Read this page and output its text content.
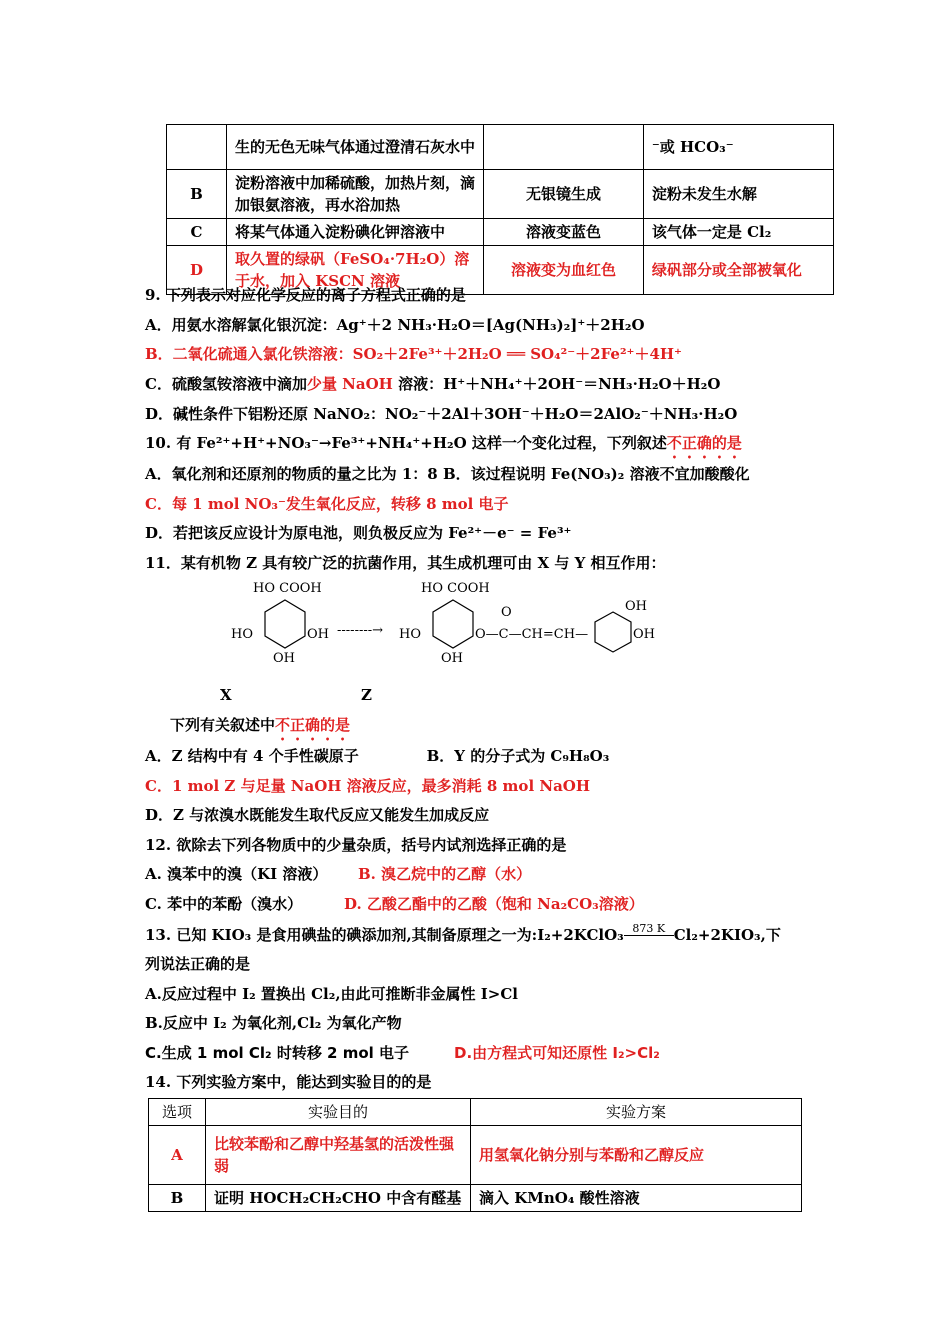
	生的无色无味气体通过澄清石灰水中		⁻或 HCO₃⁻
B	淀粉溶液中加稀硫酸，加热片刻，滴加银氨溶液，再水浴加热	无银镜生成	淀粉未发生水解
C	将某气体通入淀粉碘化钾溶液中	溶液变蓝色	该气体一定是 Cl₂
D	取久置的绿矾（FeSO₄·7H₂O）溶于水，加入 KSCN 溶液	溶液变为血红色	绿矾部分或全部被氧化
9. 下列表示对应化学反应的离子方程式正确的是
A．用氨水溶解氯化银沉淀：Ag⁺＋2 NH₃·H₂O＝[Ag(NH₃)₂]⁺＋2H₂O
B．二氧化硫通入氯化铁溶液：SO₂＋2Fe³⁺＋2H₂O ══ SO₄²⁻＋2Fe²⁺＋4H⁺
C．硫酸氢铵溶液中滴加少量 NaOH 溶液：H⁺＋NH₄⁺＋2OH⁻＝NH₃·H₂O＋H₂O
D．碱性条件下铝粉还原 NaNO₂：NO₂⁻＋2Al＋3OH⁻＋H₂O＝2AlO₂⁻＋NH₃·H₂O
10. 有 Fe²⁺+H⁺+NO₃⁻→Fe³⁺+NH₄⁺+H₂O 这样一个变化过程，下列叙述不正确的是
A．氧化剂和还原剂的物质的量之比为 1：8 B．该过程说明 Fe(NO₃)₂ 溶液不宜加酸酸化
C．每 1 mol NO₃⁻发生氧化反应，转移 8 mol 电子
D．若把该反应设计为原电池，则负极反应为 Fe²⁺－e⁻ = Fe³⁺
11．某有机物 Z 具有较广泛的抗菌作用，其生成机理可由 X 与 Y 相互作用：
HO COOH
HO	OH
OH
--------→
HO COOH
HO
OH
O
O—C—CH=CH—
OH
OH
X	Z
下列有关叙述中不正确的是
A．Z 结构中有 4 个手性碳原子             B．Y 的分子式为 C₉H₈O₃
C．1 mol Z 与足量 NaOH 溶液反应，最多消耗 8 mol NaOH
D．Z 与浓溴水既能发生取代反应又能发生加成反应
12. 欲除去下列各物质中的少量杂质，括号内试剂选择正确的是
A. 溴苯中的溴（KI 溶液） B. 溴乙烷中的乙醇（水）
C. 苯中的苯酚（溴水）	D. 乙酸乙酯中的乙酸（饱和 Na₂CO₃溶液）
13. 已知 KIO₃ 是食用碘盐的碘添加剂,其制备原理之一为:I₂+2KClO₃ 873 K Cl₂+2KIO₃,下
列说法正确的是
A.反应过程中 I₂ 置换出 Cl₂,由此可推断非金属性 I>Cl
B.反应中 I₂ 为氧化剂,Cl₂ 为氧化产物
C.生成 1 mol Cl₂ 时转移 2 mol 电子	D.由方程式可知还原性 I₂>Cl₂
14. 下列实验方案中，能达到实验目的的是
选项	实验目的	实验方案
A	比较苯酚和乙醇中羟基氢的活泼性强弱	用氢氧化钠分别与苯酚和乙醇反应
B	证明 HOCH₂CH₂CHO 中含有醛基	滴入 KMnO₄ 酸性溶液
